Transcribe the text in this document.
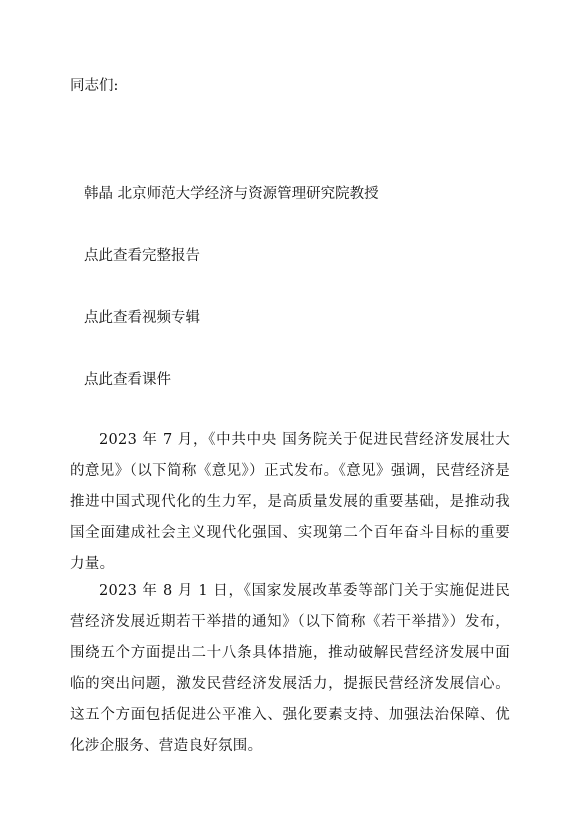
同志们:

韩晶 北京师范大学经济与资源管理研究院教授

点此查看完整报告

点此查看视频专辑

点此查看课件

2023 年 7 月，《中共中央 国务院关于促进民营经济发展壮大的意见》（以下简称《意见》）正式发布。《意见》强调，民营经济是推进中国式现代化的生力军，是高质量发展的重要基础，是推动我国全面建成社会主义现代化强国、实现第二个百年奋斗目标的重要力量。

2023 年 8 月 1 日，《国家发展改革委等部门关于实施促进民营经济发展近期若干举措的通知》（以下简称《若干举措》）发布，围绕五个方面提出二十八条具体措施，推动破解民营经济发展中面临的突出问题，激发民营经济发展活力，提振民营经济发展信心。这五个方面包括促进公平准入、强化要素支持、加强法治保障、优化涉企服务、营造良好氛围。
